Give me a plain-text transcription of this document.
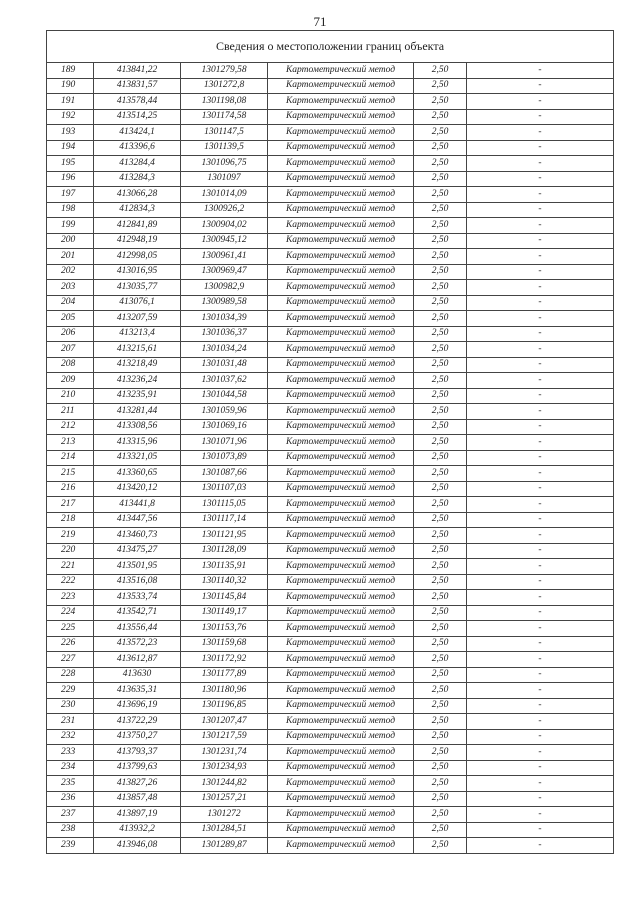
71
Сведения о местоположении границ объекта					
189	413841,22	1301279,58	Картометрический метод	2,50	-
190	413831,57	1301272,8	Картометрический метод	2,50	-
191	413578,44	1301198,08	Картометрический метод	2,50	-
192	413514,25	1301174,58	Картометрический метод	2,50	-
193	413424,1	1301147,5	Картометрический метод	2,50	-
194	413396,6	1301139,5	Картометрический метод	2,50	-
195	413284,4	1301096,75	Картометрический метод	2,50	-
196	413284,3	1301097	Картометрический метод	2,50	-
197	413066,28	1301014,09	Картометрический метод	2,50	-
198	412834,3	1300926,2	Картометрический метод	2,50	-
199	412841,89	1300904,02	Картометрический метод	2,50	-
200	412948,19	1300945,12	Картометрический метод	2,50	-
201	412998,05	1300961,41	Картометрический метод	2,50	-
202	413016,95	1300969,47	Картометрический метод	2,50	-
203	413035,77	1300982,9	Картометрический метод	2,50	-
204	413076,1	1300989,58	Картометрический метод	2,50	-
205	413207,59	1301034,39	Картометрический метод	2,50	-
206	413213,4	1301036,37	Картометрический метод	2,50	-
207	413215,61	1301034,24	Картометрический метод	2,50	-
208	413218,49	1301031,48	Картометрический метод	2,50	-
209	413236,24	1301037,62	Картометрический метод	2,50	-
210	413235,91	1301044,58	Картометрический метод	2,50	-
211	413281,44	1301059,96	Картометрический метод	2,50	-
212	413308,56	1301069,16	Картометрический метод	2,50	-
213	413315,96	1301071,96	Картометрический метод	2,50	-
214	413321,05	1301073,89	Картометрический метод	2,50	-
215	413360,65	1301087,66	Картометрический метод	2,50	-
216	413420,12	1301107,03	Картометрический метод	2,50	-
217	413441,8	1301115,05	Картометрический метод	2,50	-
218	413447,56	1301117,14	Картометрический метод	2,50	-
219	413460,73	1301121,95	Картометрический метод	2,50	-
220	413475,27	1301128,09	Картометрический метод	2,50	-
221	413501,95	1301135,91	Картометрический метод	2,50	-
222	413516,08	1301140,32	Картометрический метод	2,50	-
223	413533,74	1301145,84	Картометрический метод	2,50	-
224	413542,71	1301149,17	Картометрический метод	2,50	-
225	413556,44	1301153,76	Картометрический метод	2,50	-
226	413572,23	1301159,68	Картометрический метод	2,50	-
227	413612,87	1301172,92	Картометрический метод	2,50	-
228	413630	1301177,89	Картометрический метод	2,50	-
229	413635,31	1301180,96	Картометрический метод	2,50	-
230	413696,19	1301196,85	Картометрический метод	2,50	-
231	413722,29	1301207,47	Картометрический метод	2,50	-
232	413750,27	1301217,59	Картометрический метод	2,50	-
233	413793,37	1301231,74	Картометрический метод	2,50	-
234	413799,63	1301234,93	Картометрический метод	2,50	-
235	413827,26	1301244,82	Картометрический метод	2,50	-
236	413857,48	1301257,21	Картометрический метод	2,50	-
237	413897,19	1301272	Картометрический метод	2,50	-
238	413932,2	1301284,51	Картометрический метод	2,50	-
239	413946,08	1301289,87	Картометрический метод	2,50	-
